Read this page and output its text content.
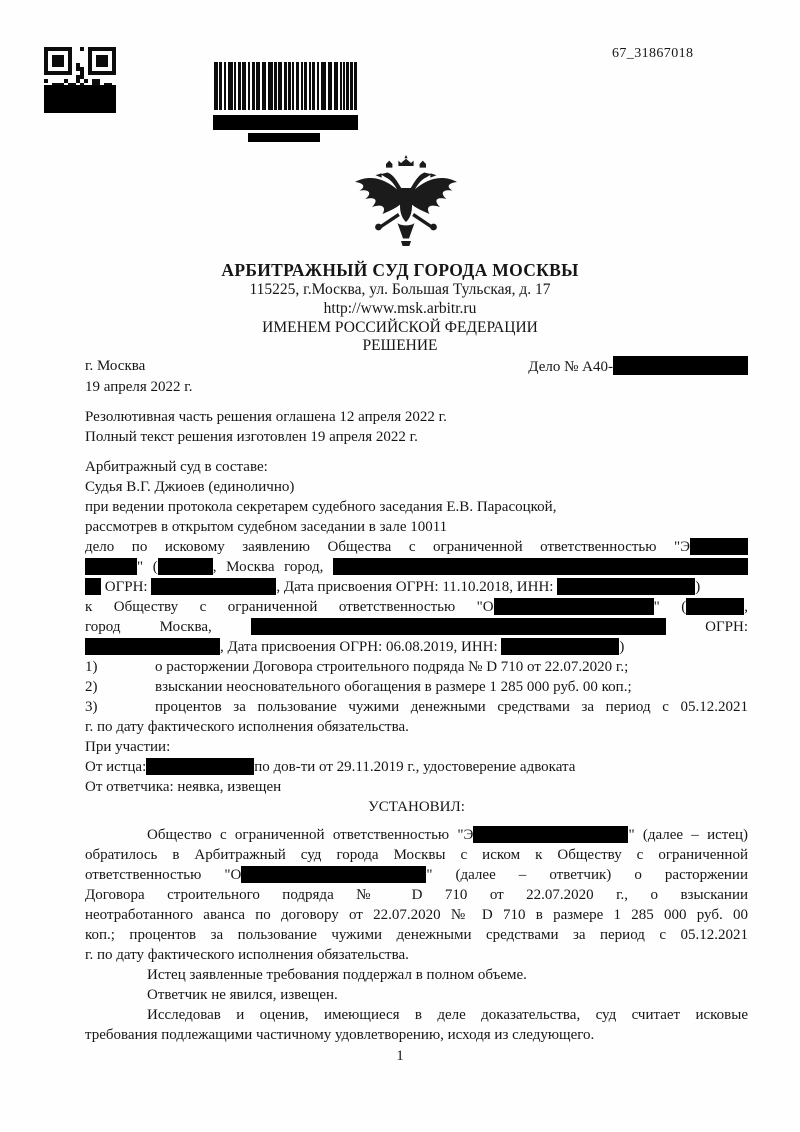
67_31867018
АРБИТРАЖНЫЙ СУД ГОРОДА МОСКВЫ
115225, г.Москва, ул. Большая Тульская, д. 17
http://www.msk.arbitr.ru
ИМЕНЕМ РОССИЙСКОЙ ФЕДЕРАЦИИ
РЕШЕНИЕ
г. Москва	Дело № А40-
19 апреля 2022 г.
Резолютивная часть решения оглашена 12 апреля 2022 г.
Полный текст решения изготовлен 19 апреля 2022 г.
Арбитражный суд в составе:
Судья В.Г. Джиоев (единолично)
при ведении протокола секретарем судебного заседания Е.В. Парасоцкой,
рассмотрев в открытом судебном заседании в зале 10011
дело по исковому заявлению Общества с ограниченной ответственностью "Э
" (	, Москва город,
ОГРН:	, Дата присвоения ОГРН: 11.10.2018, ИНН:	)
к Обществу с ограниченной ответственностью "О	" (	,
город Москва,	ОГРН:
, Дата присвоения ОГРН: 06.08.2019, ИНН:	)
1)	о расторжении Договора строительного подряда № D 710 от 22.07.2020 г.;
2)	взыскании неосновательного обогащения в размере 1 285 000 руб. 00 коп.;
3)	процентов за пользование чужими денежными средствами за период с 05.12.2021
г. по дату фактического исполнения обязательства.
При участии:
От истца:	по дов-ти от 29.11.2019 г., удостоверение адвоката
От ответчика: неявка, извещен
УСТАНОВИЛ:
Общество с ограниченной ответственностью "Э	" (далее – истец)
обратилось в Арбитражный суд города Москвы с иском к Обществу с ограниченной
ответственностью "О	" (далее – ответчик) о расторжении
Договора строительного подряда № D 710 от 22.07.2020 г., о взыскании
неотработанного аванса по договору от 22.07.2020 № D 710 в размере 1 285 000 руб. 00
коп.; процентов за пользование чужими денежными средствами за период с 05.12.2021
г. по дату фактического исполнения обязательства.
Истец заявленные требования поддержал в полном объеме.
Ответчик не явился, извещен.
Исследовав и оценив, имеющиеся в деле доказательства, суд считает исковые
требования подлежащими частичному удовлетворению, исходя из следующего.
1
